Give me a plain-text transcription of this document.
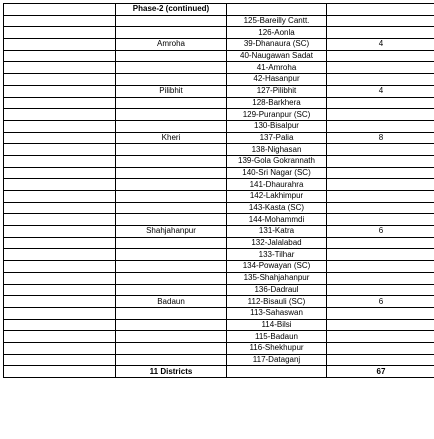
	Phase-2 (continued)		
		125-Bareilly Cantt.	
		126-Aonla	
	Amroha	39-Dhanaura (SC)	4
		40-Naugawan Sadat	
		41-Amroha	
		42-Hasanpur	
	Pilibhit	127-Pilibhit	4
		128-Barkhera	
		129-Puranpur (SC)	
		130-Bisalpur	
	Kheri	137-Palia	8
		138-Nighasan	
		139-Gola Gokrannath	
		140-Sri Nagar (SC)	
		141-Dhaurahra	
		142-Lakhimpur	
		143-Kasta (SC)	
		144-Mohammdi	
	Shahjahanpur	131-Katra	6
		132-Jalalabad	
		133-Tilhar	
		134-Powayan (SC)	
		135-Shahjahanpur	
		136-Dadraul	
	Badaun	112-Bisauli (SC)	6
		113-Sahaswan	
		114-Bilsi	
		115-Badaun	
		116-Shekhupur	
		117-Dataganj	
	11 Districts		67
